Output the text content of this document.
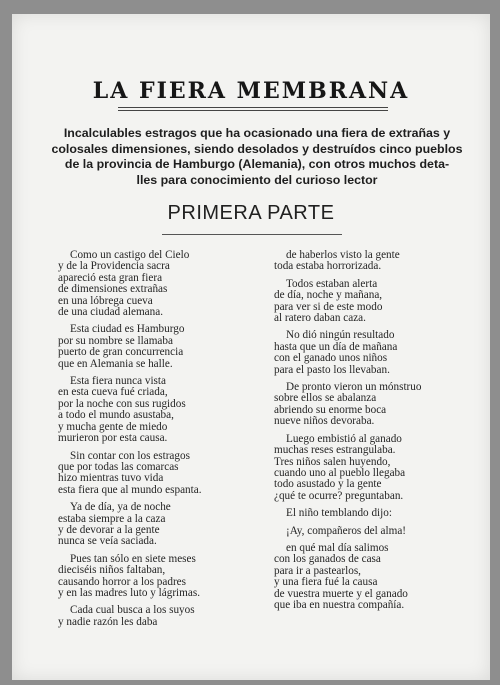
LA FIERA MEMBRANA
Incalculables estragos que ha ocasionado una fiera de extrañas y
colosales dimensiones, siendo desolados y destruídos cinco pueblos
de la provincia de Hamburgo (Alemania), con otros muchos deta-
lles para conocimiento del curioso lector
PRIMERA PARTE
Como un castigo del Cielo
y de la Providencia sacra
apareció esta gran fiera
de dimensiones extrañas
en una lóbrega cueva
de una ciudad alemana.
Esta ciudad es Hamburgo
por su nombre se llamaba
puerto de gran concurrencia
que en Alemania se halle.
Esta fiera nunca vista
en esta cueva fué criada,
por la noche con sus rugidos
a todo el mundo asustaba,
y mucha gente de miedo
murieron por esta causa.
Sin contar con los estragos
que por todas las comarcas
hizo mientras tuvo vida
esta fiera que al mundo espanta.
Ya de día, ya de noche
estaba siempre a la caza
y de devorar a la gente
nunca se veía saciada.
Pues tan sólo en siete meses
dieciséis niños faltaban,
causando horror a los padres
y en las madres luto y lágrimas.
Cada cual busca a los suyos
y nadie razón les daba
de haberlos visto la gente
toda estaba horrorizada.
Todos estaban alerta
de día, noche y mañana,
para ver si de este modo
al ratero daban caza.
No dió ningún resultado
hasta que un día de mañana
con el ganado unos niños
para el pasto los llevaban.
De pronto vieron un mónstruo
sobre ellos se abalanza
abriendo su enorme boca
nueve niños devoraba.
Luego embistió al ganado
muchas reses estrangulaba.
Tres niños salen huyendo,
cuando uno al pueblo llegaba
todo asustado y la gente
¿qué te ocurre? preguntaban.
El niño temblando dijo:
¡Ay, compañeros del alma!
en qué mal día salimos
con los ganados de casa
para ir a pastearlos,
y una fiera fué la causa
de vuestra muerte y el ganado
que iba en nuestra compañía.
